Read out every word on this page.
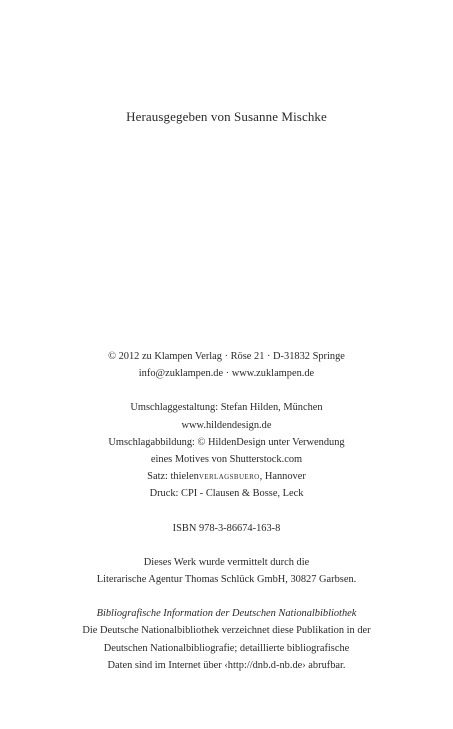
Herausgegeben von Susanne Mischke
© 2012 zu Klampen Verlag · Röse 21 · D-31832 Springe
info@zuklampen.de · www.zuklampen.de
Umschlaggestaltung: Stefan Hilden, München
www.hildendesign.de
Umschlagabbildung: © HildenDesign unter Verwendung
eines Motives von Shutterstock.com
Satz: thielenverlagsbuero, Hannover
Druck: CPI - Clausen & Bosse, Leck
ISBN 978-3-86674-163-8
Dieses Werk wurde vermittelt durch die
Literarische Agentur Thomas Schlück GmbH, 30827 Garbsen.
Bibliografische Information der Deutschen Nationalbibliothek
Die Deutsche Nationalbibliothek verzeichnet diese Publikation in der
Deutschen Nationalbibliografie; detaillierte bibliografische
Daten sind im Internet über ‹http://dnb.d-nb.de› abrufbar.
